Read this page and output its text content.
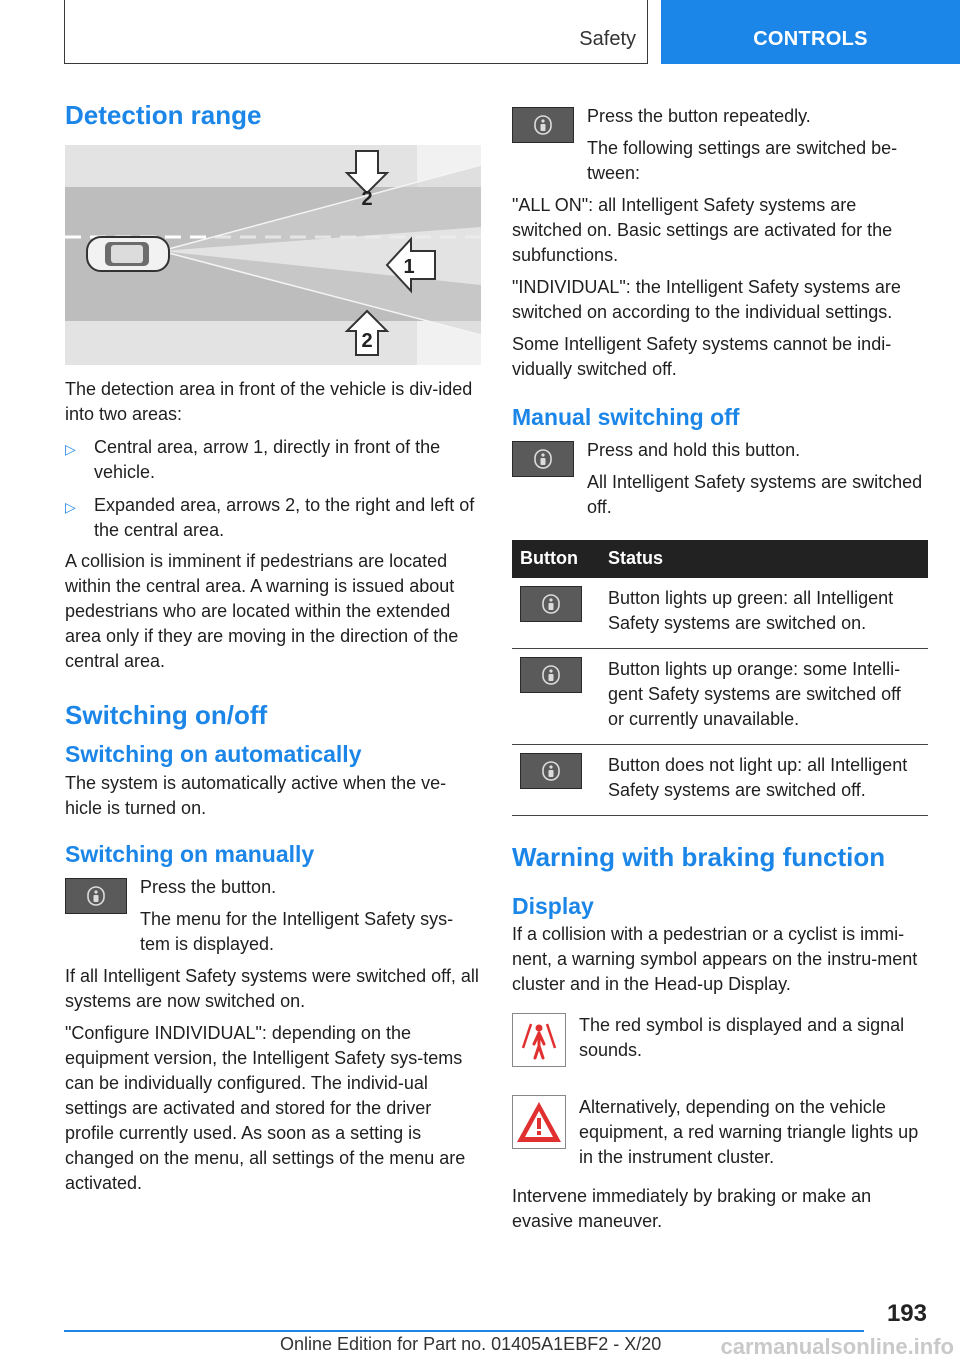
Safety	CONTROLS
Detection range
2
1
2

The detection area in front of the vehicle is div‐ided into two areas:

▷ Central area, arrow 1, directly in front of the vehicle.
▷ Expanded area, arrows 2, to the right and left of the central area.

A collision is imminent if pedestrians are located within the central area. A warning is issued about pedestrians who are located within the extended area only if they are moving in the direction of the central area.

Switching on/off
Switching on automatically

The system is automatically active when the ve‐hicle is turned on.

Switching on manually

Press the button.

The menu for the Intelligent Safety sys‐tem is displayed.

If all Intelligent Safety systems were switched off, all systems are now switched on.

"Configure INDIVIDUAL": depending on the equipment version, the Intelligent Safety sys‐tems can be individually configured. The individ‐ual settings are activated and stored for the driver profile currently used. As soon as a setting is changed on the menu, all settings of the menu are activated.

Press the button repeatedly.

The following settings are switched be‐tween:

"ALL ON": all Intelligent Safety systems are switched on. Basic settings are activated for the subfunctions.

"INDIVIDUAL": the Intelligent Safety systems are switched on according to the individual settings.

Some Intelligent Safety systems cannot be indi‐vidually switched off.

Manual switching off

Press and hold this button.

All Intelligent Safety systems are switched off.

Button	Status

	Button lights up green: all Intelligent Safety systems are switched on.

	Button lights up orange: some Intelli‐gent Safety systems are switched off or currently unavailable.

	Button does not light up: all Intelligent Safety systems are switched off.
Warning with braking function
Display

If a collision with a pedestrian or a cyclist is immi‐nent, a warning symbol appears on the instru‐ment cluster and in the Head-up Display.

The red symbol is displayed and a signal sounds.

Alternatively, depending on the vehicle equipment, a red warning triangle lights up in the instrument cluster.

Intervene immediately by braking or make an evasive maneuver.

193
Online Edition for Part no. 01405A1EBF2 - X/20	carmanualsonline.info
